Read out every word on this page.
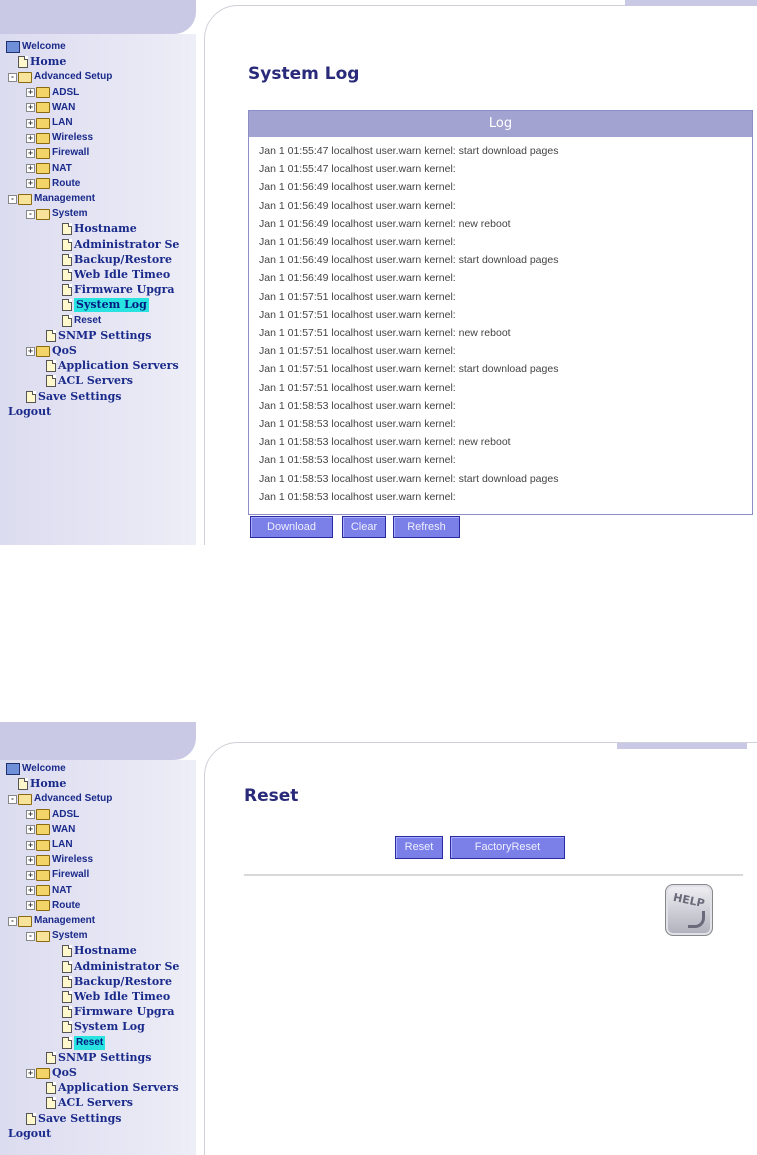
System Log
Log
Jan 1 01:55:47 localhost user.warn kernel: start download pages
Jan 1 01:55:47 localhost user.warn kernel:
Jan 1 01:56:49 localhost user.warn kernel:
Jan 1 01:56:49 localhost user.warn kernel:
Jan 1 01:56:49 localhost user.warn kernel: new reboot
Jan 1 01:56:49 localhost user.warn kernel:
Jan 1 01:56:49 localhost user.warn kernel: start download pages
Jan 1 01:56:49 localhost user.warn kernel:
Jan 1 01:57:51 localhost user.warn kernel:
Jan 1 01:57:51 localhost user.warn kernel:
Jan 1 01:57:51 localhost user.warn kernel: new reboot
Jan 1 01:57:51 localhost user.warn kernel:
Jan 1 01:57:51 localhost user.warn kernel: start download pages
Jan 1 01:57:51 localhost user.warn kernel:
Jan 1 01:58:53 localhost user.warn kernel:
Jan 1 01:58:53 localhost user.warn kernel:
Jan 1 01:58:53 localhost user.warn kernel: new reboot
Jan 1 01:58:53 localhost user.warn kernel:
Jan 1 01:58:53 localhost user.warn kernel: start download pages
Jan 1 01:58:53 localhost user.warn kernel:
Download	Clear	Refresh
Reset
Reset	FactoryReset
HELP
Welcome
Home
- Advanced Setup
+ ADSL
+ WAN
+ LAN
+ Wireless
+ Firewall
+ NAT
+ Route
- Management
- System
Hostname
Administrator Se
Backup/Restore
Web Idle Timeo
Firmware Upgra
System Log
Reset
SNMP Settings
+ QoS
Application Servers
ACL Servers
Save Settings
Logout
Welcome
Home
- Advanced Setup
+ ADSL
+ WAN
+ LAN
+ Wireless
+ Firewall
+ NAT
+ Route
- Management
- System
Hostname
Administrator Se
Backup/Restore
Web Idle Timeo
Firmware Upgra
System Log
Reset
SNMP Settings
+ QoS
Application Servers
ACL Servers
Save Settings
Logout
